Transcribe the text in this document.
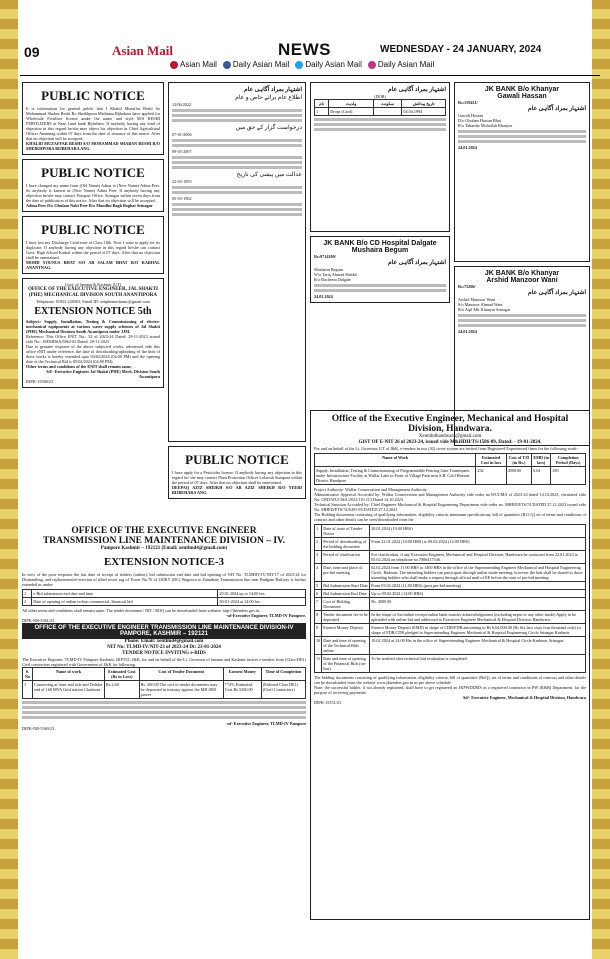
09	Asian Mail	NEWS	WEDNESDAY - 24 JANUARY, 2024
Asian Mail Daily Asian Mail Daily Asian Mail Daily Asian Mail
PUBLIC NOTICE
It is information for general public that I Khalid Muzaffar Reshi So Mohammad Shabaz Reshi Ro Sheikhpora Mathama Bijbehara have applied for Wholesale Fertiliser license under the name and style M/S RESHI FERTILIZERS at Near Land bank Bijbehara. If anybody having any kind of objection in this regard he/she may object his objection in Chief Agricultural Officer Anantnag within 07 days from the date of issuance of this notice. After that no objection will be accepted.
KHALID MUZAFFAR RESHI S/O MOHAMMAD SHABAN RESHI R/O SHEIKHPORA BIJBEHARA ANG.
PUBLIC NOTICE
I have changed my name from (Old Name) Adina to (New Name) Adina Peer. So anybody is known as (New Name) Adina Peer. If anybody having any objection he/she may contact Passport Office, Srinagar within seven days from the date of publication of this notice. After that no objection will be accepted.
Adina Peer D/o Ghulam Nabi Peer R/o Mandhu Bagh Boghat Srinagar
PUBLIC NOTICE
I have lost my Discharge Certificate of Class 10th. Now I want to apply for its duplicate. If anybody having any objection in this regard he/she can contact Govt. High School Karhal within the period of 07 days. After that no objection shall be entertained.
MOHD YOUNUS BHAT S/O AB SALAM BHAT R/O KARHAL ANANTNAG.
Govt. of Jammu & Kashmir (UT)
OFFICE OF THE EXECUTIVE ENGINEER, JAL SHAKTI (PHE) MECHANICAL DIVISION SOUTH ANANTIPORA
Telephone: 01933-226563, Email ID: xenphemechanic@gmail.com
EXTENSION NOTICE 5th
Subject: Supply, Installation, Testing & Commissioning of electro-mechanical equipments at various water supply schemes of Jal Shakti (PHE) Mechanical Division South Awantipora under JJM.
Reference: This Office ENIT No.: 32 of 2023-24 Dated: 29-11-2023 issued vide No.: JSEMDSA/5862-63 Dated: 29-11-2023.
Due to genuine response of the above subjected works, advertised vide this office eNIT under reference, the date of downloading/uploading of the bids of these works is hereby extended upto 03/02/2024 (04:00 PM) and the opening date of the Technical Bid is 05/02/2024 (04:00 PM).
Other terms and conditions of the ENIT shall remain same.
Sd/- Executive Engineer Jal Shakti (PHE) Mech. Division South Awantipora
DIPK-15568/23
اشتہار بمراد آگاہی عام
اطلاع عام برائے خاص و عام
12/06/2022
درخواست گزار کے حق میں
07-01-2006
09-03-2007
عدالت میں پیشی کی تاریخ
22-03-1955
05-03-1962
PUBLIC NOTICE
I have apply for a Pesticides license. If anybody having any objection in this regard he/ she may contact Plant Protection Officer Lolawab Sumpora within the period of 07 days. After that no objection shall be entertained.
DEEPAQ AZIZ SHEIKH S/O AB AZIZ SHEIKH R/O YEERI BIJBEHARA ANG.
اشتہار بمراد آگاہی عام
(DOB)
نام	ولدیت	سکونت	تاریخ پیدائش
1	Drops (Card)		04.04.1994
JK BANK B/o CD Hospital Dalgate
Mushaira Begum
Rs:9714100/
اشتہار بمراد آگاہی عام
Mushaira Begum
W/o Tariq Ahmad Sheikh
R/o Bucheera Dalgate
24.01.2024
JK BANK B/o Khanyar
Gawali Hassan
Rs:159431/
اشتہار بمراد آگاہی عام
Gawali Hassan
D/o Ghulam Hassan Bhat
R/o Tabardar Mohallah Khanyar
24.01.2024
JK BANK B/o Khanyar
Arshid Manzoor Wani
Rs:75206/
اشتہار بمراد آگاہی عام
Arshid Manzoor Wani
S/o Manzoor Ahmad Wani
R/o Aqil Mir Khanyar Srinagar
24.01.2024
OFFICE OF THE EXECUTIVE ENGINEER
TRANSMISSION LINE MAINTENANCE DIVISION – IV.
Pampore Kashmir – 192121 (Email: xentlmd4@gmail.com)
EXTENSION NOTICE-3
In view of the poor response the last date of receipt of tenders (online), bid submission end date and bid opening of NIT No: TLMDIV-IV/NIT-17 of 2023-24 for Dismantling, and replacement/re-erection of tilted tower sag of Tower No.76 of 220KV (DC) Wagoora to Zainakote Transmission line near Budgam Railway is further extended as under:
1	e-Bid submission end date and time	29.01.2024 up to 14:00 hrs
2	Date of opening of online techno commercial /financial bid	30-01-2024 at 14:00 hrs
All other terms and conditions shall remain same. The tender document / NIT / BOQ can be downloaded from website: http://jktenders.gov.in.
-sd-Executive Engineer, TLMD-IV Pampore.
DIPK-NB-5361/23
OFFICE OF THE EXECUTIVE ENGINEER TRANSMISSION LINE MAINTENANCE DIVISION-IV PAMPORE, KASHMIR – 192121
Phone: Email: xentlmd4@gmail.com
NIT No: TLMD-IV/NIT-23 of 2023-24 Dt: 23-01-2024
TENDER NOTICE INVITING e-BIDS
The Executive Engineer, TLMD-IV Pampore Kashmir, JKPTCL J&K, for and on behalf of the Lt. Governor of Jammu and Kashmir invites e-tenders from (Class-DE1) Civil contractors registered with Government of J&K for following.
S. No	Name of work	Estimated Cost (Rs in Lacs)	Cost of Tender Document	Earnest Money	Time of Completion
1	Conserving at front end side and Dolidar end of 160 MVA Grid station Chadoora	Rs.2.60	Rs. 200.00 The cost of tender documents may be deposited in treasury against the MH 0801 power	**2% Estimated Cost Rs.5200.00	(Enlisted Class DE1) (Civil Contractors)
-sd- Executive Engineer, TLMD-IV Pampore
DIPK-NB-5360/23
Office of the Executive Engineer, Mechanical and Hospital Division, Handwara.
Xenmhdhandwara@gmail.com
GIST OF E-NIT 26 of 2023-24, issued vide M&HDH/TS/1586-89, Dated: - 19-01-2024.
For and on behalf of the Lt. Governor, UT of J&K, e-tenders in two (02) cover system are invited from Registered Experienced firms for the following work:-
Name of Work	Estimated Cost in lacs	Cost of T/D (in Rs.)	EMD (in lacs)	Completion Period (Days)
Supply, Installation, Testing & Commissioning of Programmable Fencing Gate Tourniquets under Infrastructure Facility at Wullar Lake in Front of Village Park near S.R. Cold Heaven District Handpore	252	4000.00	6.64	180
Project Authority: Wullar Conservation and Management Authority
Administrative Approval Accorded by: Wullar Conservation and Management Authority vide order no.WUCMA of 2023-24 dated 14.10.2023, circulated vide No: CRD/WUCMA/2023/110-113 Dated 14.10.2023.
Technical Sanction Accorded by: Chief Engineer Mechanical & Hospital Engineering Department vide order no. MHED/ETS/74 DATED 27.12.2023 issued vide No. MHED/ETS/74/6491-93 DATED 27.12.2023
The Bidding documents consisting of qualifying information, eligibility criteria, minimum specifications, bill of quantities (B.O.Q) set of terms and conditions of contract and other details can be seen/downloaded from the
1	Date of issue of Tender Notice	20.01.2024 (10:00 HRS)
2	Period of downloading of the bidding document	From 21.01.2024 (10:00 HRS) to 09.02.2024 (14:00 HRS)
3	Period of clarification	For clarification, if any Executive Engineer, Mechanical and Hospital Division, Handwara be contacted from 22.01.2024 to 05.02.2024 on telephone no.7006417546.
4	Date, time and place of pre-bid meeting	02.02.2024 from 11.00 HRS to 1400 HRS in the office of the Superintending Engineer Mechanical and Hospital Engineering Circle, Baderan. The intending bidders can participate through online mode meeting, however the link shall be shared to those intending bidders who shall make a request through official mail of EE before the start of pre-bid meeting.
5	Bid Submission Start Date	From 03.02.2024 (11:00 HRS) (post pre-bid meeting)
6	Bid Submission End Date	Up to 09.02.2024 (14:00 HRS)
7	Cost of Bidding Document	Rs. 4000.00
8	Tender document fee to be deposited	In the shape of Asi/online receipt/online bank transfer acknowledgement (excluding nepse or any other mode) Apply to be uploaded with online bid and addressed to Executive Engineer Mechanical & Hospital Division Handwara.
9	Earnest Money Deposit	Earnest Money Deposit (EMD) in shape of CDR/FDR amounting to Rs 6,64,000.00 (Rs Six lacs sixty four thousand only) in shape of FDR/CDR pledged to Superintending Engineer Mechanical & Hospital Engineering Circle Srinagar Kashmir.
10	Date and time of opening of the Technical Bids online	10.02.2024 at 14:00 Hrs in the office of Superintending Engineer Mechanical & Hospital Circle Kashmir, Srinagar.
11	Date and time of opening of the Financial Bids (on-line)	To be notified after technical bid evaluation is completed
The bidding documents consisting of qualifying information, eligibility criteria, bill of quantities (BoQ), set of terms and conditions of contract and other details can be downloaded from the website www.jktenders.gov.in as per above schedule.
Note: the successful bidder, if not already registered, shall have to get registered on JKPWDDMS as a registered contractor in PW (R&B) Department, for the purpose of receiving payments.
Sd/- Executive Engineer, Mechanical & Hospital Division, Handwara
DIPK-15551/23
